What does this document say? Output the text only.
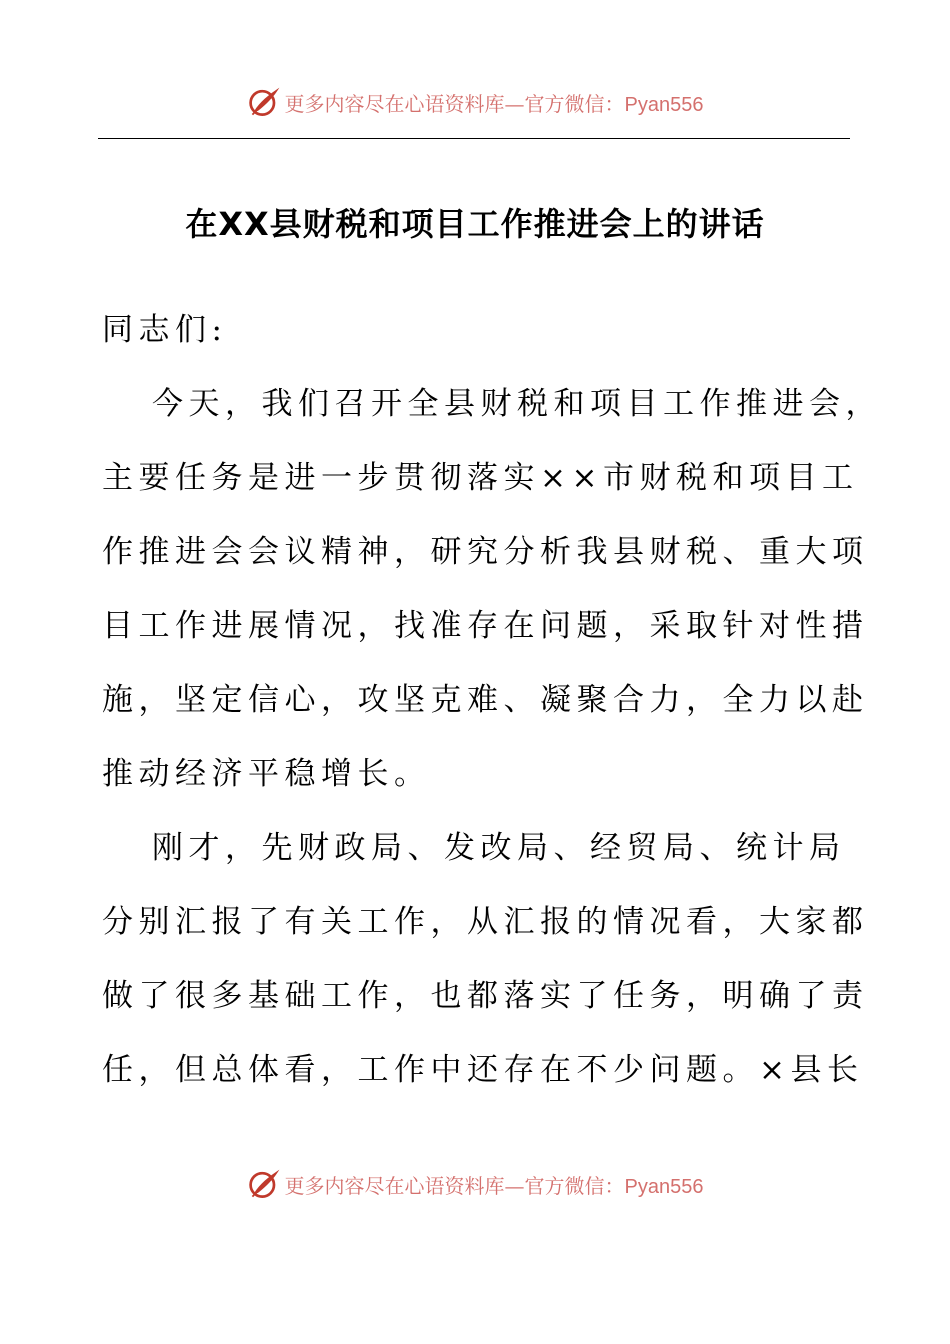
更多内容尽在心语资料库—官方微信：Pyan556
在XX县财税和项目工作推进会上的讲话
同志们:
今天，我们召开全县财税和项目工作推进会，
主要任务是进一步贯彻落实××市财税和项目工
作推进会会议精神，研究分析我县财税、重大项
目工作进展情况，找准存在问题，采取针对性措
施，坚定信心，攻坚克难、凝聚合力，全力以赴
推动经济平稳增长。
刚才，先财政局、发改局、经贸局、统计局
分别汇报了有关工作，从汇报的情况看，大家都
做了很多基础工作，也都落实了任务，明确了责
任，但总体看，工作中还存在不少问题。×县长
更多内容尽在心语资料库—官方微信：Pyan556
